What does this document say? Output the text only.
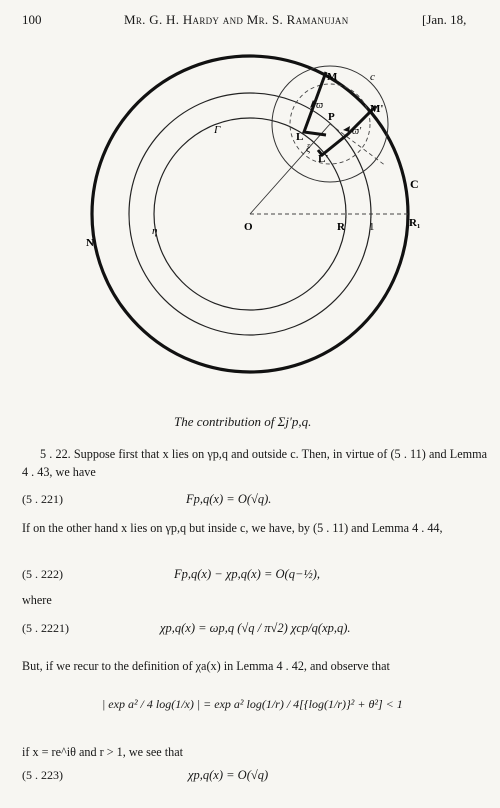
100	Mr. G. H. Hardy and Mr. S. Ramanujan	[Jan. 18,
M
M'
c
P
L
L'
ξ
ϖ
ϖ'
C
Γ
η	O	R 1	R₁
N
The contribution of Σj′p,q.
5 . 22. Suppose first that x lies on γp,q and outside c. Then, in virtue of (5 . 11) and Lemma 4 . 43, we have
(5 . 221)	Fp,q(x) = O(√q).
If on the other hand x lies on γp,q but inside c, we have, by (5 . 11) and Lemma 4 . 44,
(5 . 222)	Fp,q(x) − χp,q(x) = O(q−½),
where
(5 . 2221)	χp,q(x) = ωp,q (√q / π√2) χcp/q(xp,q).
But, if we recur to the definition of χa(x) in Lemma 4 . 42, and observe that
| exp a² / 4 log(1/x) | = exp a² log(1/r) / 4[{log(1/r)}² + θ²] < 1
if x = re^iθ and r > 1, we see that
(5 . 223)	χp,q(x) = O(√q)
